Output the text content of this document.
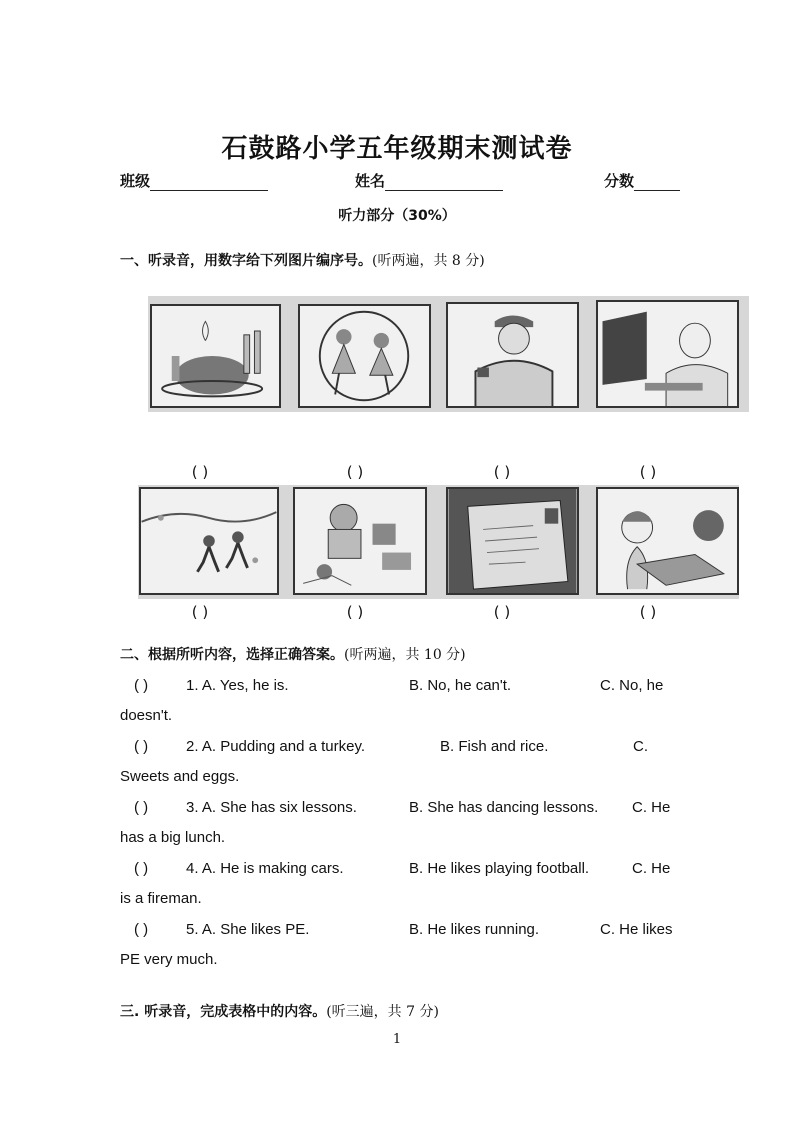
石鼓路小学五年级期末测试卷
班级	姓名	分数
听力部分（30%）
一、听录音，用数字给下列图片编序号。(听两遍，共 8 分)
( )	( )	( )	( )
( )	( )	( )	( )
二、根据所听内容，选择正确答案。(听两遍，共 10 分)
( )	1. A. Yes, he is.	B. No, he can't.	C. No, he
doesn't.
( )	2. A. Pudding and a turkey.	B. Fish and rice.	C.
Sweets and eggs.
( )	3. A. She has six lessons.	B. She has dancing lessons. C. He
has a big lunch.
( )	4. A. He is making cars.	B. He likes playing football.	C. He
is a fireman.
( )	5. A. She likes PE.	B. He likes running.	C. He likes
PE very much.
三. 听录音，完成表格中的内容。(听三遍，共 7 分)
1
